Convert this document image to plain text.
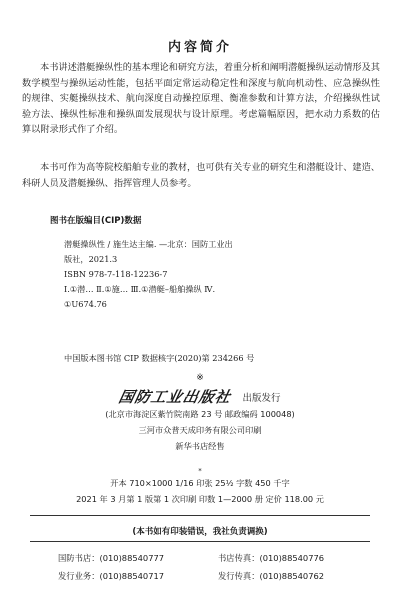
内容简介

本书讲述潜艇操纵性的基本理论和研究方法，着重分析和阐明潜艇操纵运动情形及其数学模型与操纵运动性能，包括平面定常运动稳定性和深度与航向机动性、应急操纵性的规律、实艇操纵技术、航向深度自动操控原理、衡准参数和计算方法，介绍操纵性试验方法、操纵性标准和操纵面发展现状与设计原理。考虑篇幅原因，把水动力系数的估算以附录形式作了介绍。

本书可作为高等院校船舶专业的教材，也可供有关专业的研究生和潜艇设计、建造、科研人员及潜艇操纵、指挥管理人员参考。

图书在版编目(CIP)数据
潜艇操纵性 / 施生达主编. —北京：国防工业出
版社，2021.3
ISBN 978-7-118-12236-7
Ⅰ.①潜… Ⅱ.①施… Ⅲ.①潜艇–船舶操纵 Ⅳ.
①U674.76
中国版本图书馆 CIP 数据核字(2020)第 234266 号
※
国防工业出版社 出版发行
(北京市海淀区紫竹院南路 23 号 邮政编码 100048)
三河市众普天成印务有限公司印刷
新华书店经售
*
开本 710×1000 1/16 印张 25½ 字数 450 千字
2021 年 3 月第 1 版第 1 次印刷 印数 1—2000 册 定价 118.00 元
(本书如有印装错误，我社负责调换)
国防书店：(010)88540777	书店传真：(010)88540776
发行业务：(010)88540717	发行传真：(010)88540762
